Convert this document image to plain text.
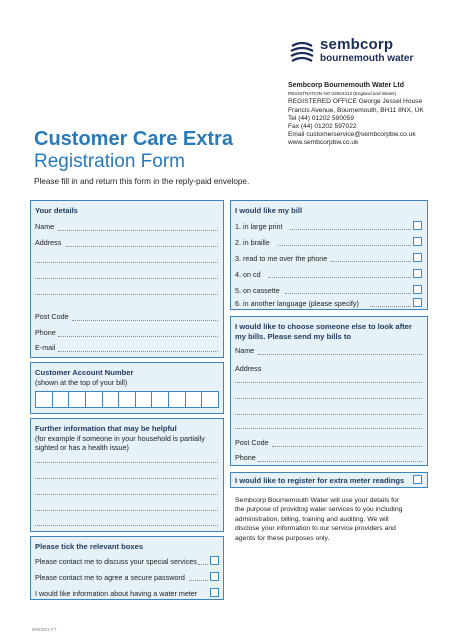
sembcorp
bournemouth water
Sembcorp Bournemouth Water Ltd
REGISTRATION NO 02924312 (England and Wales)
REGISTERED OFFICE George Jessel House
Francis Avenue, Bournemouth, BH11 8NX, UK
Tel (44) 01202 590059
Fax (44) 01202 597022
Email customerservice@sembcorpbw.co.uk
www.sembcorpbw.co.uk
Customer Care Extra
Registration Form
Please fill in and return this form in the reply-paid envelope.
Your details
Name
Address
Post Code
Phone
E-mail
Customer Account Number
(shown at the top of your bill)
Further information that may be helpful
(for example if someone in your household is partially
sighted or has a health issue)
Please tick the relevant boxes
Please contact me to discuss your special services
Please contact me to agree a secure password
I would like information about having a water meter
I would like my bill
1. in large print
2. in braille
3. read to me over the phone
4. on cd
5. on cassette
6. in another language (please specify)
I would like to choose someone else to look after
my bills. Please send my bills to
Name
Address
Post Code
Phone
I would like to register for extra meter readings
Sembcorp Bournemouth Water will use your details for
the purpose of providing water services to you including
administration, billing, training and auditing. We will
disclose your information to our service providers and
agents for these purposes only.
BW0001 FT
